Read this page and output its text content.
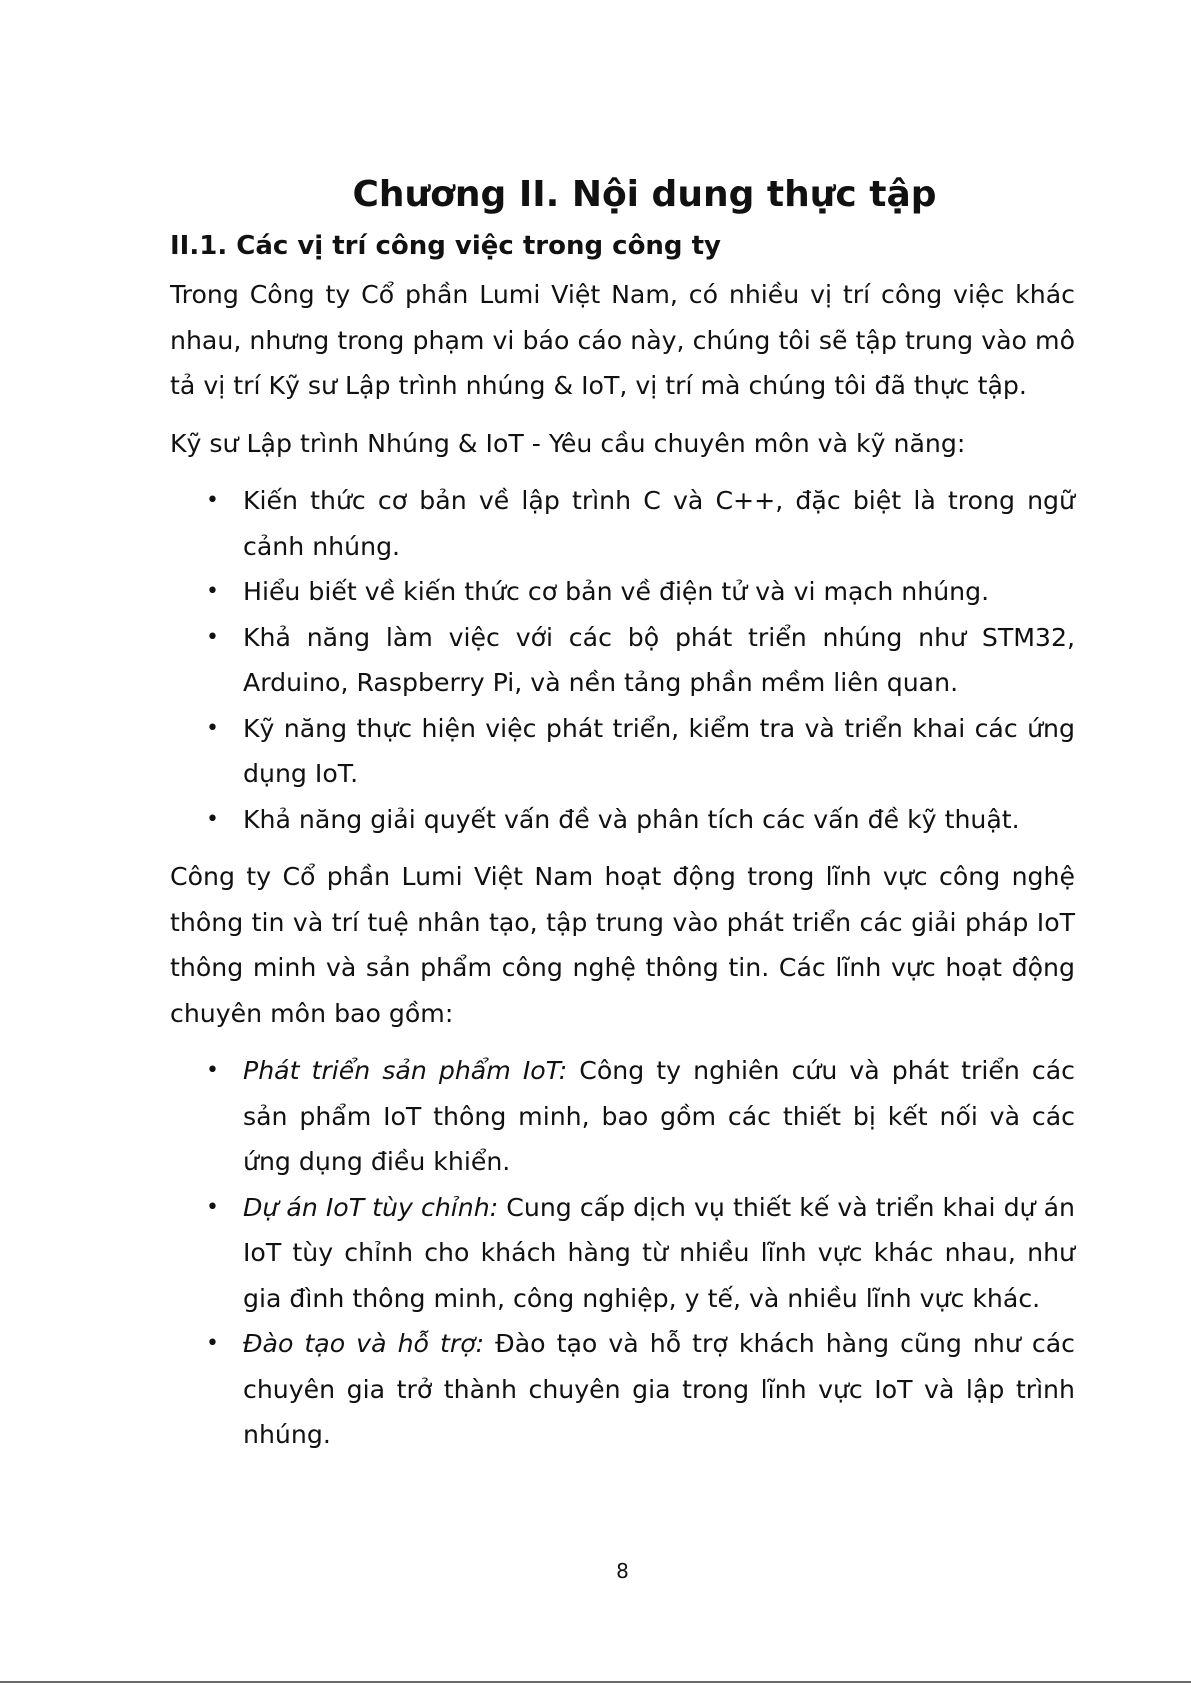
Chương II. Nội dung thực tập
II.1. Các vị trí công việc trong công ty

Trong Công ty Cổ phần Lumi Việt Nam, có nhiều vị trí công việc khác nhau, nhưng trong phạm vi báo cáo này, chúng tôi sẽ tập trung vào mô tả vị trí Kỹ sư Lập trình nhúng & IoT, vị trí mà chúng tôi đã thực tập.

Kỹ sư Lập trình Nhúng & IoT - Yêu cầu chuyên môn và kỹ năng:

• Kiến thức cơ bản về lập trình C và C++, đặc biệt là trong ngữ cảnh nhúng.
• Hiểu biết về kiến thức cơ bản về điện tử và vi mạch nhúng.
• Khả năng làm việc với các bộ phát triển nhúng như STM32, Arduino, Raspberry Pi, và nền tảng phần mềm liên quan.
• Kỹ năng thực hiện việc phát triển, kiểm tra và triển khai các ứng dụng IoT.
• Khả năng giải quyết vấn đề và phân tích các vấn đề kỹ thuật.

Công ty Cổ phần Lumi Việt Nam hoạt động trong lĩnh vực công nghệ thông tin và trí tuệ nhân tạo, tập trung vào phát triển các giải pháp IoT thông minh và sản phẩm công nghệ thông tin. Các lĩnh vực hoạt động chuyên môn bao gồm:

• Phát triển sản phẩm IoT: Công ty nghiên cứu và phát triển các sản phẩm IoT thông minh, bao gồm các thiết bị kết nối và các ứng dụng điều khiển.
• Dự án IoT tùy chỉnh: Cung cấp dịch vụ thiết kế và triển khai dự án IoT tùy chỉnh cho khách hàng từ nhiều lĩnh vực khác nhau, như gia đình thông minh, công nghiệp, y tế, và nhiều lĩnh vực khác.
• Đào tạo và hỗ trợ: Đào tạo và hỗ trợ khách hàng cũng như các chuyên gia trở thành chuyên gia trong lĩnh vực IoT và lập trình nhúng.
8
